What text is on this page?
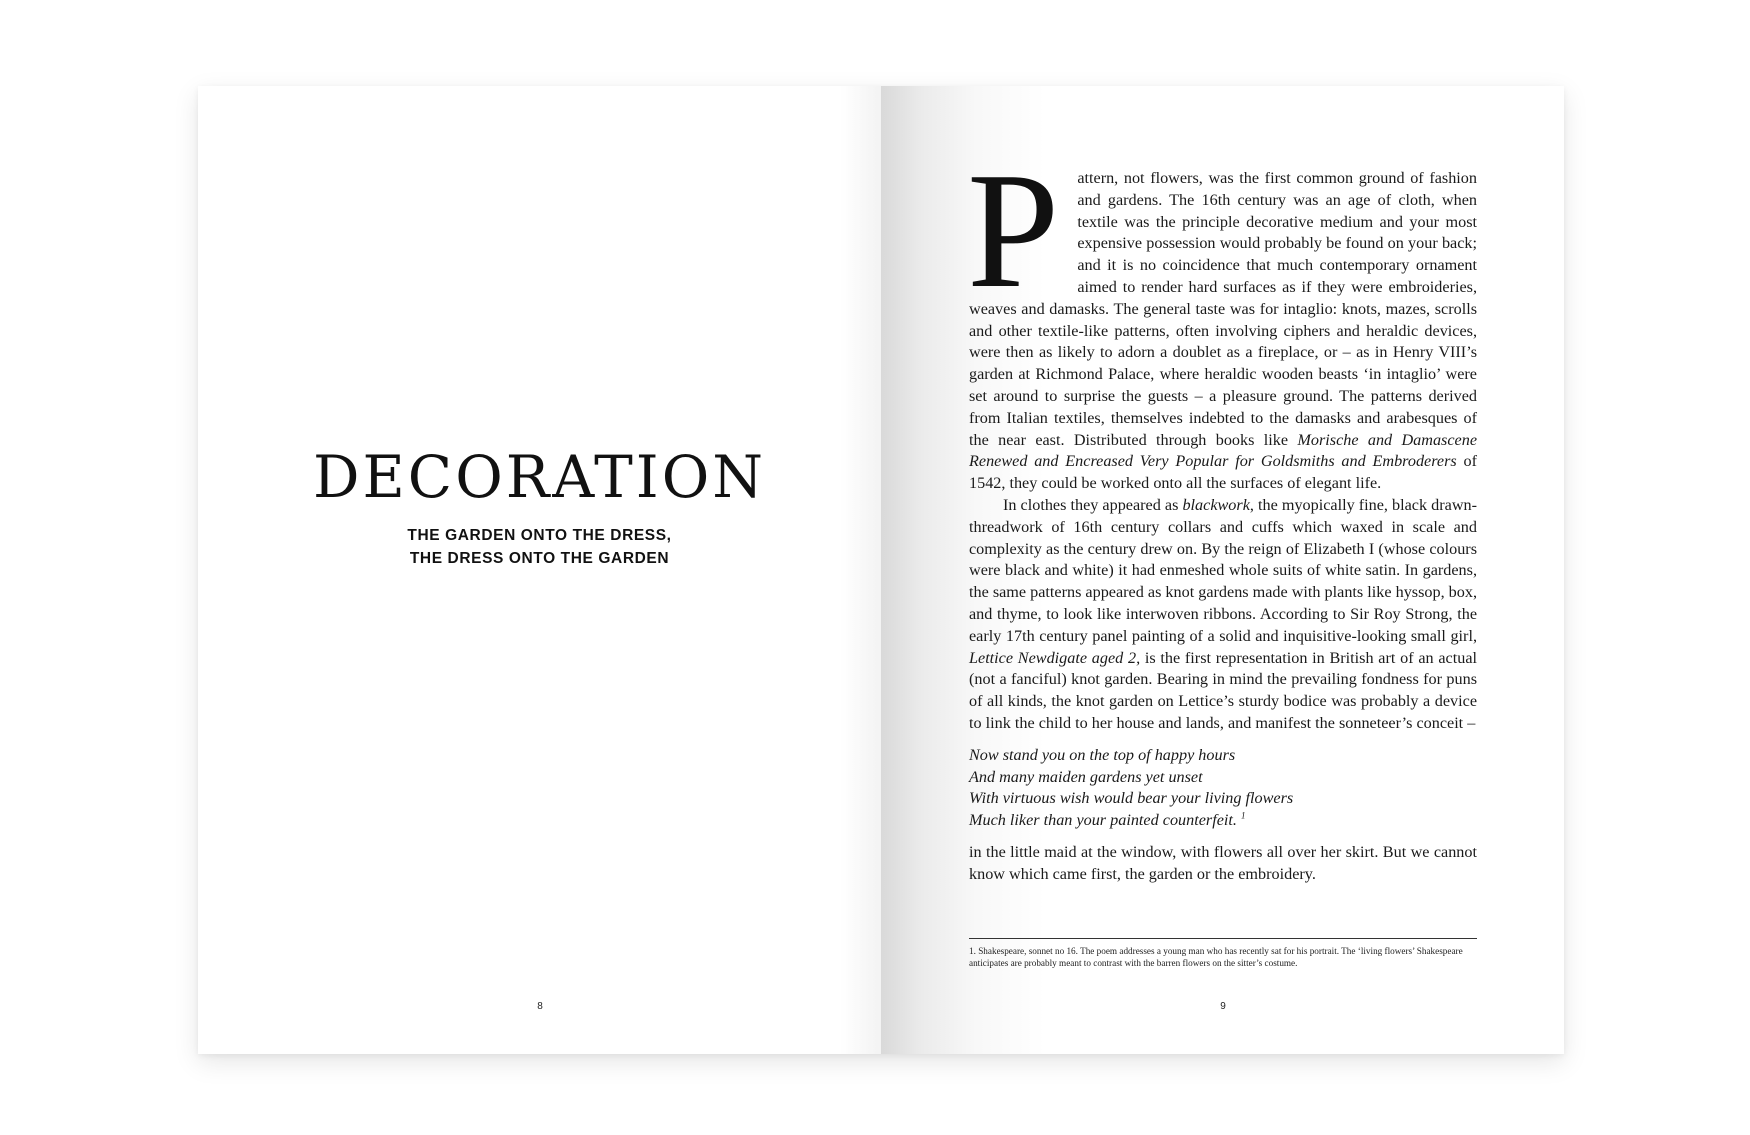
DECORATION
THE GARDEN ONTO THE DRESS,
THE DRESS ONTO THE GARDEN
8

P attern, not flowers, was the first common ground of fashion and gardens. The 16th century was an age of cloth, when textile was the principle decorative medium and your most expensive possession would probably be found on your back; and it is no coincidence that much contemporary ornament aimed to render hard surfaces as if they were embroideries, weaves and damasks. The general taste was for intaglio: knots, mazes, scrolls and other textile-like patterns, often involving ciphers and heraldic devices, were then as likely to adorn a doublet as a fireplace, or – as in Henry VIII’s garden at Richmond Palace, where heraldic wooden beasts ‘in intaglio’ were set around to surprise the guests – a pleasure ground. The patterns derived from Italian textiles, themselves indebted to the damasks and arabesques of the near east. Distributed through books like Morische and Damascene Renewed and Encreased Very Popular for Goldsmiths and Embroderers of 1542, they could be worked onto all the surfaces of elegant life.

In clothes they appeared as blackwork, the myopically fine, black drawn-threadwork of 16th century collars and cuffs which waxed in scale and complexity as the century drew on. By the reign of Elizabeth I (whose colours were black and white) it had enmeshed whole suits of white satin. In gardens, the same patterns appeared as knot gardens made with plants like hyssop, box, and thyme, to look like interwoven ribbons. According to Sir Roy Strong, the early 17th century panel painting of a solid and inquisitive-looking small girl, Lettice Newdigate aged 2, is the first representation in British art of an actual (not a fanciful) knot garden. Bearing in mind the prevailing fondness for puns of all kinds, the knot garden on Lettice’s sturdy bodice was probably a device to link the child to her house and lands, and manifest the sonneteer’s conceit –

Now stand you on the top of happy hours
And many maiden gardens yet unset
With virtuous wish would bear your living flowers
Much liker than your painted counterfeit. $^1$

in the little maid at the window, with flowers all over her skirt. But we cannot know which came first, the garden or the embroidery.

1. Shakespeare, sonnet no 16. The poem addresses a young man who has recently sat for his portrait. The ‘living flowers’ Shakespeare anticipates are probably meant to contrast with the barren flowers on the sitter’s costume.
9
